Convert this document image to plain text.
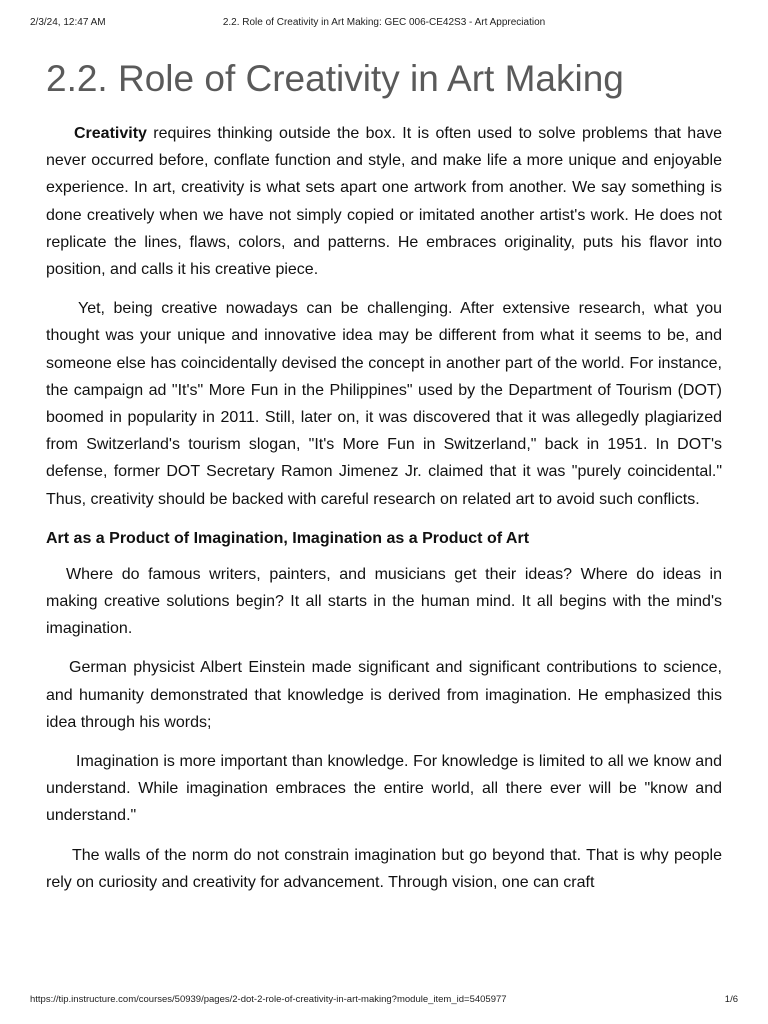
2/3/24, 12:47 AM	2.2. Role of Creativity in Art Making: GEC 006-CE42S3 - Art Appreciation
2.2. Role of Creativity in Art Making

Creativity requires thinking outside the box. It is often used to solve problems that have never occurred before, conflate function and style, and make life a more unique and enjoyable experience. In art, creativity is what sets apart one artwork from another. We say something is done creatively when we have not simply copied or imitated another artist's work. He does not replicate the lines, flaws, colors, and patterns. He embraces originality, puts his flavor into position, and calls it his creative piece.

Yet, being creative nowadays can be challenging. After extensive research, what you thought was your unique and innovative idea may be different from what it seems to be, and someone else has coincidentally devised the concept in another part of the world. For instance, the campaign ad "It's" More Fun in the Philippines" used by the Department of Tourism (DOT) boomed in popularity in 2011. Still, later on, it was discovered that it was allegedly plagiarized from Switzerland's tourism slogan, "It's More Fun in Switzerland," back in 1951. In DOT's defense, former DOT Secretary Ramon Jimenez Jr. claimed that it was "purely coincidental." Thus, creativity should be backed with careful research on related art to avoid such conflicts.

Art as a Product of Imagination, Imagination as a Product of Art

Where do famous writers, painters, and musicians get their ideas? Where do ideas in making creative solutions begin? It all starts in the human mind. It all begins with the mind's imagination.

German physicist Albert Einstein made significant and significant contributions to science, and humanity demonstrated that knowledge is derived from imagination. He emphasized this idea through his words;

Imagination is more important than knowledge. For knowledge is limited to all we know and understand. While imagination embraces the entire world, all there ever will be "know and understand."

The walls of the norm do not constrain imagination but go beyond that. That is why people rely on curiosity and creativity for advancement. Through vision, one can craft

https://tip.instructure.com/courses/50939/pages/2-dot-2-role-of-creativity-in-art-making?module_item_id=5405977	1/6
